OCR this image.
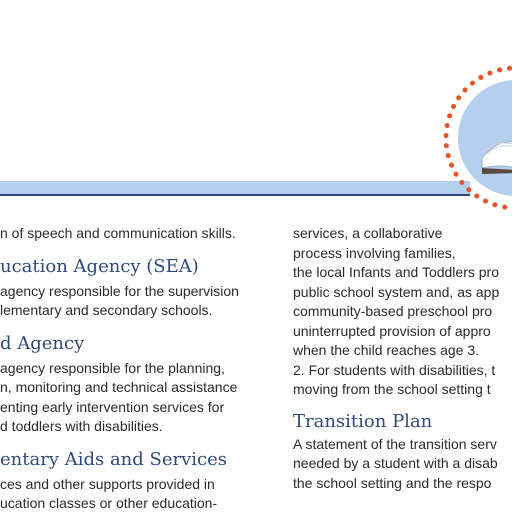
n of speech and communication skills.

ucation Agency (SEA)

agency responsible for the supervision

lementary and secondary schools.

d Agency

agency responsible for the planning,

n, monitoring and technical assistance

enting early intervention services for

d toddlers with disabilities.

entary Aids and Services

ces and other supports provided in

ucation classes or other education-

services, a collaborative

process involving families,

the local Infants and Toddlers pro

public school system and, as app

community-based preschool pro

uninterrupted provision of appro

when the child reaches age 3.

2. For students with disabilities, t

moving from the school setting t

Transition Plan

A statement of the transition serv

needed by a student with a disab

the school setting and the respo
